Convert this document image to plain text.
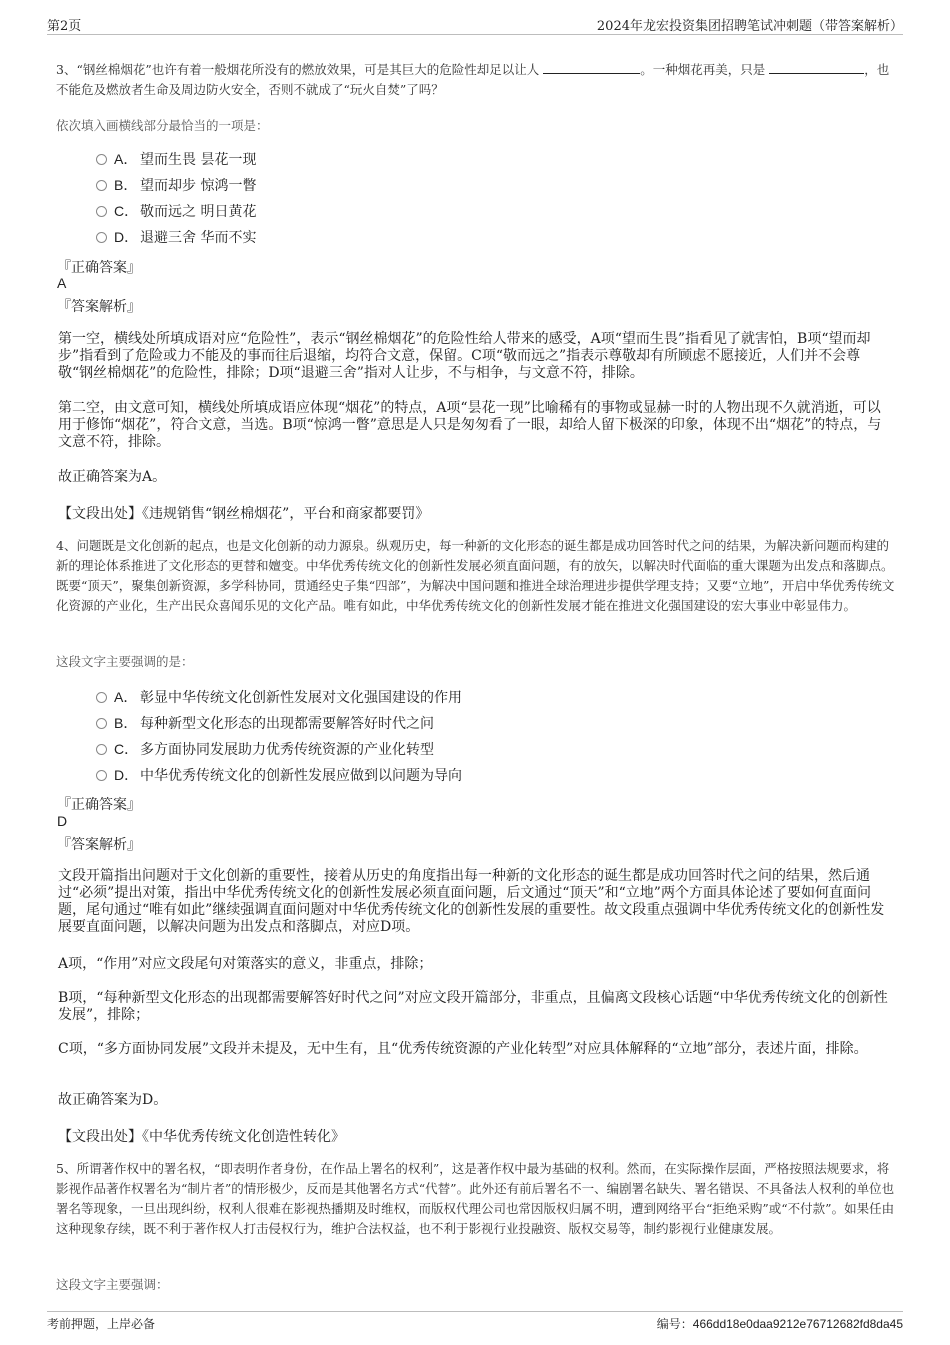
第2页	2024年龙宏投资集团招聘笔试冲刺题（带答案解析）
3、“钢丝棉烟花”也许有着一般烟花所没有的燃放效果，可是其巨大的危险性却足以让人	。一种烟花再美，只是	，也不能危及燃放者生命及周边防火安全，否则不就成了“玩火自焚”了吗？
依次填入画横线部分最恰当的一项是：
A． 望而生畏 昙花一现
B． 望而却步 惊鸿一瞥
C． 敬而远之 明日黄花
D． 退避三舍 华而不实
『正确答案』
A
『答案解析』
第一空，横线处所填成语对应“危险性”，表示“钢丝棉烟花”的危险性给人带来的感受，A项“望而生畏”指看见了就害怕，B项“望而却步”指看到了危险或力不能及的事而往后退缩，均符合文意，保留。C项“敬而远之”指表示尊敬却有所顾虑不愿接近，人们并不会尊敬“钢丝棉烟花”的危险性，排除；D项“退避三舍”指对人让步，不与相争，与文意不符，排除。
第二空，由文意可知，横线处所填成语应体现“烟花”的特点，A项“昙花一现”比喻稀有的事物或显赫一时的人物出现不久就消逝，可以用于修饰“烟花”，符合文意，当选。B项“惊鸿一瞥”意思是人只是匆匆看了一眼，却给人留下极深的印象，体现不出“烟花”的特点，与文意不符，排除。
故正确答案为A。
【文段出处】《违规销售“钢丝棉烟花”，平台和商家都要罚》
4、问题既是文化创新的起点，也是文化创新的动力源泉。纵观历史，每一种新的文化形态的诞生都是成功回答时代之问的结果，为解决新问题而构建的新的理论体系推进了文化形态的更替和嬗变。中华优秀传统文化的创新性发展必须直面问题，有的放矢，以解决时代面临的重大课题为出发点和落脚点。既要“顶天”，聚集创新资源，多学科协同，贯通经史子集“四部”，为解决中国问题和推进全球治理进步提供学理支持；又要“立地”，开启中华优秀传统文化资源的产业化，生产出民众喜闻乐见的文化产品。唯有如此，中华优秀传统文化的创新性发展才能在推进文化强国建设的宏大事业中彰显伟力。
这段文字主要强调的是：
A． 彰显中华传统文化创新性发展对文化强国建设的作用
B． 每种新型文化形态的出现都需要解答好时代之问
C． 多方面协同发展助力优秀传统资源的产业化转型
D． 中华优秀传统文化的创新性发展应做到以问题为导向
『正确答案』
D
『答案解析』
文段开篇指出问题对于文化创新的重要性，接着从历史的角度指出每一种新的文化形态的诞生都是成功回答时代之问的结果，然后通过“必须”提出对策，指出中华优秀传统文化的创新性发展必须直面问题，后文通过“顶天”和“立地”两个方面具体论述了要如何直面问题，尾句通过“唯有如此”继续强调直面问题对中华优秀传统文化的创新性发展的重要性。故文段重点强调中华优秀传统文化的创新性发展要直面问题，以解决问题为出发点和落脚点，对应D项。
A项，“作用”对应文段尾句对策落实的意义，非重点，排除；
B项，“每种新型文化形态的出现都需要解答好时代之问”对应文段开篇部分，非重点，且偏离文段核心话题“中华优秀传统文化的创新性发展”，排除；
C项，“多方面协同发展”文段并未提及，无中生有，且“优秀传统资源的产业化转型”对应具体解释的“立地”部分，表述片面，排除。
故正确答案为D。
【文段出处】《中华优秀传统文化创造性转化》
5、所谓著作权中的署名权，“即表明作者身份，在作品上署名的权利”，这是著作权中最为基础的权利。然而，在实际操作层面，严格按照法规要求，将影视作品著作权署名为“制片者”的情形极少，反而是其他署名方式“代替”。此外还有前后署名不一、编剧署名缺失、署名错误、不具备法人权利的单位也署名等现象，一旦出现纠纷，权利人很难在影视热播期及时维权，而版权代理公司也常因版权归属不明，遭到网络平台“拒绝采购”或“不付款”。如果任由这种现象存续，既不利于著作权人打击侵权行为，维护合法权益，也不利于影视行业投融资、版权交易等，制约影视行业健康发展。
这段文字主要强调：
考前押题，上岸必备	编号：466dd18e0daa9212e76712682fd8da45
